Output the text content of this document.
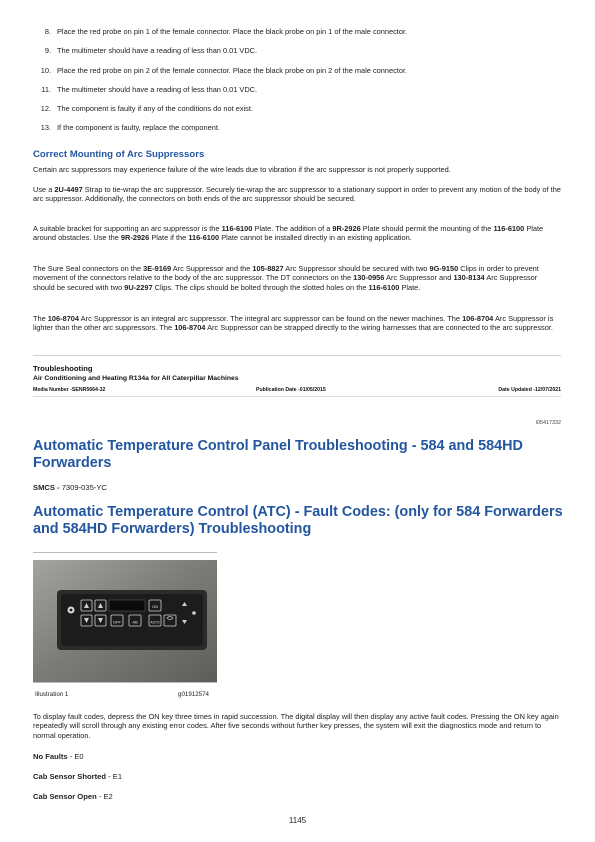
8. Place the red probe on pin 1 of the female connector. Place the black probe on pin 1 of the male connector.
9. The multimeter should have a reading of less than 0.01 VDC.
10. Place the red probe on pin 2 of the female connector. Place the black probe on pin 2 of the male connector.
11. The multimeter should have a reading of less than 0.01 VDC.
12. The component is faulty if any of the conditions do not exist.
13. If the component is faulty, replace the component.
Correct Mounting of Arc Suppressors

Certain arc suppressors may experience failure of the wire leads due to vibration if the arc suppressor is not properly supported.

Use a 2U-4497 Strap to tie-wrap the arc suppressor. Securely tie-wrap the arc suppressor to a stationary support in order to prevent any motion of the body of the arc suppressor. Additionally, the connectors on both ends of the arc suppressor should be secured.

A suitable bracket for supporting an arc suppressor is the 116-6100 Plate. The addition of a 9R-2926 Plate should permit the mounting of the 116-6100 Plate around obstacles. Use the 9R-2926 Plate if the 116-6100 Plate cannot be installed directly in an existing application.

The Sure Seal connectors on the 3E-9169 Arc Suppressor and the 105-8827 Arc Suppressor should be secured with two 9G-9150 Clips in order to prevent movement of the connectors relative to the body of the arc suppressor. The DT connectors on the 130-0956 Arc Suppressor and 130-8134 Arc Suppressor should be secured with two 9U-2297 Clips. The clips should be bolted through the slotted holes on the 116-6100 Plate.

The 106-8704 Arc Suppressor is an integral arc suppressor. The integral arc suppressor can be found on the newer machines. The 106-8704 Arc Suppressor is lighter than the other arc suppressors. The 106-8704 Arc Suppressor can be strapped directly to the wiring harnesses that are connected to the arc suppressor.

Troubleshooting
Air Conditioning and Heating R134a for All Caterpillar Machines
Media Number -SENR5664-32	Publication Date -01/05/2015	Date Updated -12/07/2021
i05417332
Automatic Temperature Control Panel Troubleshooting - 584 and 584HD Forwarders
SMCS - 7309-035-YC
Automatic Temperature Control (ATC) - Fault Codes: (only for 584 Forwarders and 584HD Forwarders) Troubleshooting
OFF	AB	AUTO
ON
Illustration 1	g01912574

To display fault codes, depress the ON key three times in rapid succession. The digital display will then display any active fault codes. Pressing the ON key again repeatedly will scroll through any existing error codes. After five seconds without further key presses, the system will exit the diagnostics mode and return to normal operation.

No Faults - E0
Cab Sensor Shorted - E1
Cab Sensor Open - E2
1145
